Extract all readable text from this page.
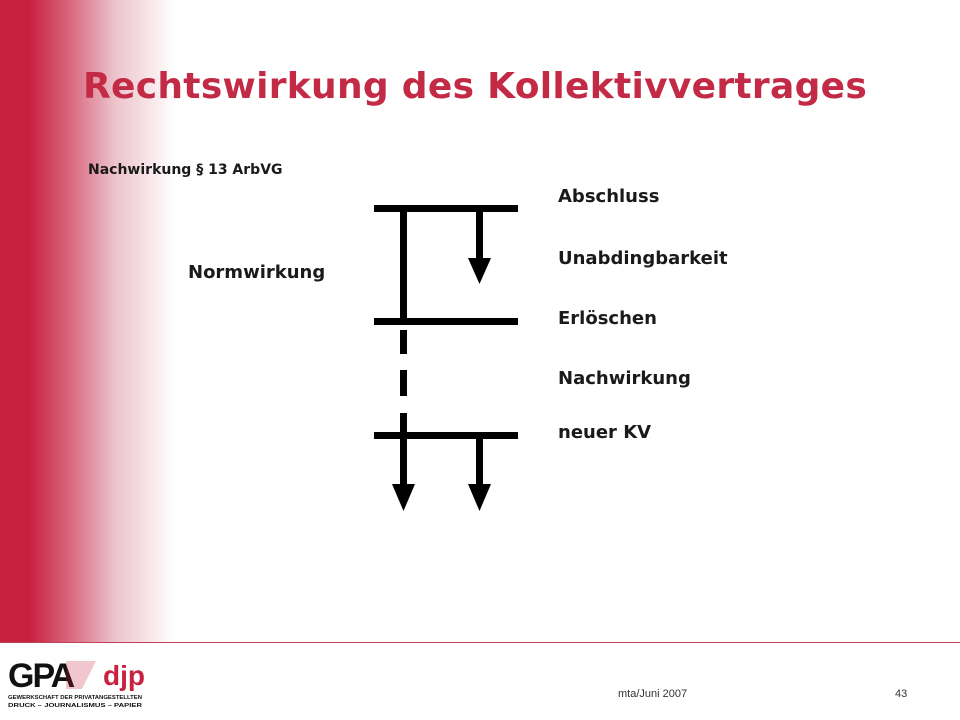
Rechtswirkung des Kollektivvertrages
Nachwirkung § 13 ArbVG
Normwirkung
Abschluss
Unabdingbarkeit
Erlöschen
Nachwirkung
neuer KV
GPA djp
GEWERKSCHAFT DER PRIVATANGESTELLTEN
DRUCK – JOURNALISMUS – PAPIER
mta/Juni 2007	43
